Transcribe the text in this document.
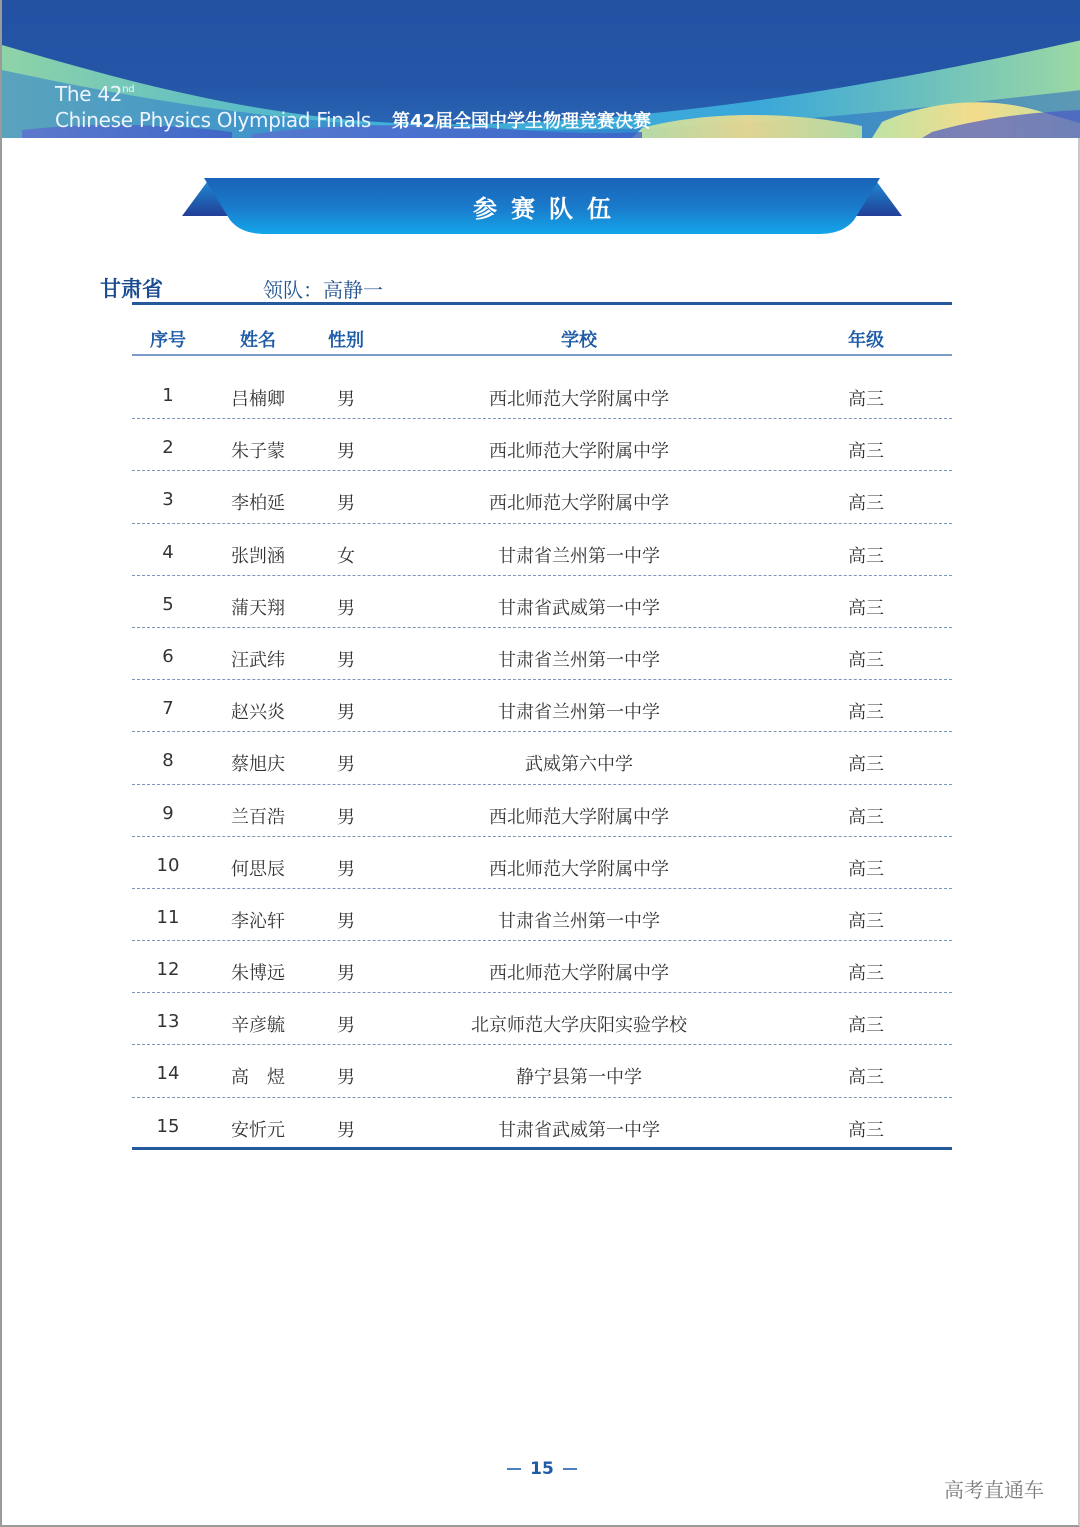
The 42nd
Chinese Physics Olympiad Finals 第42届全国中学生物理竞赛决赛
参赛队伍
甘肃省	领队：高静一
序号	姓名	性别	学校	年级
1	吕楠卿	男	西北师范大学附属中学	高三
2	朱子蒙	男	西北师范大学附属中学	高三
3	李柏延	男	西北师范大学附属中学	高三
4	张剀涵	女	甘肃省兰州第一中学	高三
5	蒲天翔	男	甘肃省武威第一中学	高三
6	汪武纬	男	甘肃省兰州第一中学	高三
7	赵兴炎	男	甘肃省兰州第一中学	高三
8	蔡旭庆	男	武威第六中学	高三
9	兰百浩	男	西北师范大学附属中学	高三
10	何思辰	男	西北师范大学附属中学	高三
11	李沁轩	男	甘肃省兰州第一中学	高三
12	朱博远	男	西北师范大学附属中学	高三
13	辛彦毓	男	北京师范大学庆阳实验学校	高三
14	高　煜	男	静宁县第一中学	高三
15	安忻元	男	甘肃省武威第一中学	高三
15
高考直通车
